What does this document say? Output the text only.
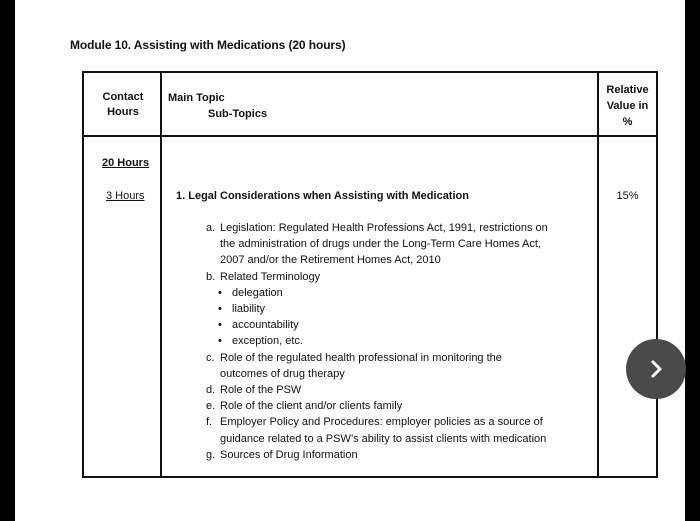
Module 10. Assisting with Medications (20 hours)
Contact
Hours
Main Topic
Sub-Topics
Relative
Value in
%
20 Hours
3 Hours	1. Legal Considerations when Assisting with Medication	15%
a. Legislation: Regulated Health Professions Act, 1991, restrictions on
the administration of drugs under the Long-Term Care Homes Act,
2007 and/or the Retirement Homes Act, 2010
b. Related Terminology
• delegation
• liability
• accountability
• exception, etc.
c. Role of the regulated health professional in monitoring the
outcomes of drug therapy
d. Role of the PSW
e. Role of the client and/or clients family
f. Employer Policy and Procedures: employer policies as a source of
guidance related to a PSW’s ability to assist clients with medication
g. Sources of Drug Information
